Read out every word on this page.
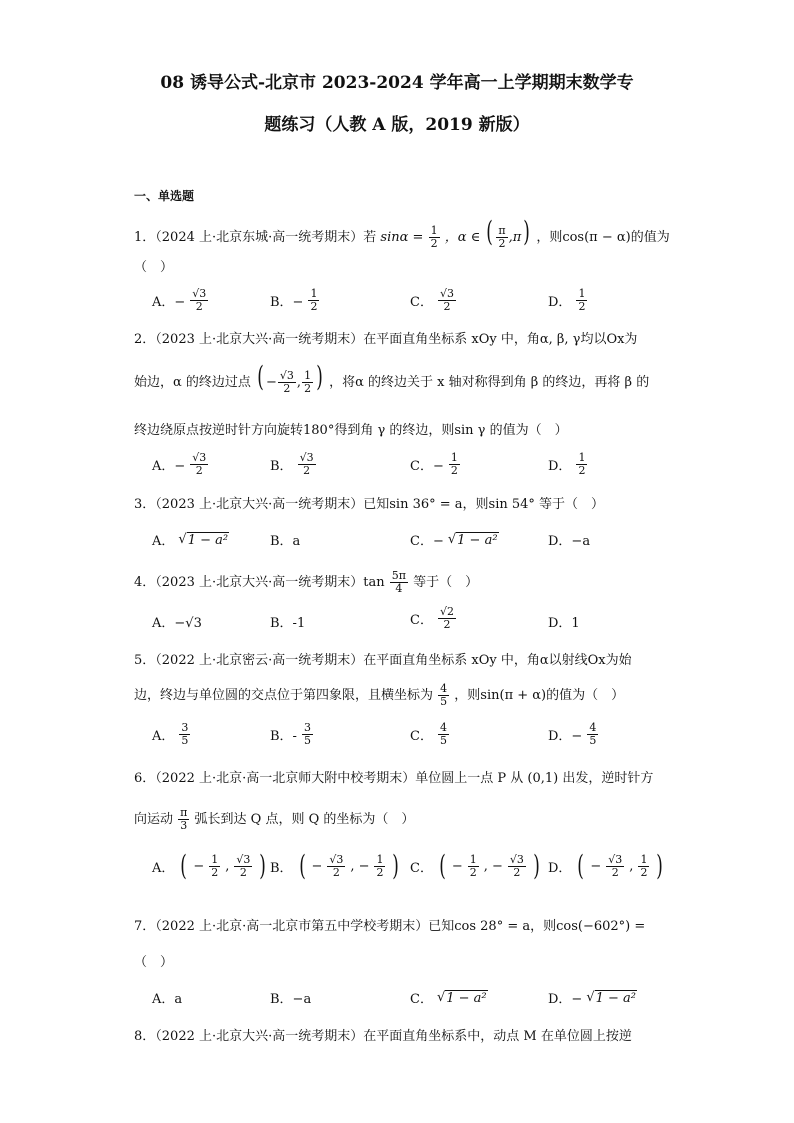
08 诱导公式-北京市 2023-2024 学年高一上学期期末数学专
题练习（人教 A 版，2019 新版）
一、单选题
1．（2024 上·北京东城·高一统考期末）若 $\sin\alpha = \frac{1}{2}$ ，α ∈ ( $\frac{\pi}{2} ,\pi$) ，则cos(π − α)的值为
（　）
A．− $\frac{√3}{2}$	B．− $\frac{1}{2}$	C． $\frac{√3}{2}$	D． $\frac{1}{2}$
2．（2023 上·北京大兴·高一统考期末）在平面直角坐标系 xOy 中，角α, β, γ均以Ox为
始边，α 的终边过点 ( − $\frac{√3}{2}$ , $\frac{1}{2}$ ) ，将α 的终边关于 x 轴对称得到角 β 的终边，再将 β 的
终边绕原点按逆时针方向旋转180°得到角 γ 的终边，则sin γ 的值为（　）
A．− $\frac{√3}{2}$	B． $\frac{√3}{2}$	C．− $\frac{1}{2}$	D． $\frac{1}{2}$
3．（2023 上·北京大兴·高一统考期末）已知sin 36° = a，则sin 54° 等于（　）
A． √ 1 − a²	B．a	C．− √ 1 − a²	D．−a
4．（2023 上·北京大兴·高一统考期末）$\tan \frac{5\pi}{4}$ 等于（　）
A．−√3	B．-1	C． $\frac{√2}{2}$	D．1
5．（2022 上·北京密云·高一统考期末）在平面直角坐标系 xOy 中，角α以射线Ox为始
边，终边与单位圆的交点位于第四象限，且横坐标为 $\frac{4}{5}$ ，则sin(π + α)的值为（　）
A． $\frac{3}{5}$	B．- $\frac{3}{5}$	C． $\frac{4}{5}$	D．− $\frac{4}{5}$
6．（2022 上·北京·高一北京师大附中校考期末）单位圆上一点 P 从 (0,1) 出发，逆时针方
向运动 $\frac{\pi}{3}$ 弧长到达 Q 点，则 Q 的坐标为（　）
A． ( − $\frac{1}{2}$ , $\frac{√3}{2}$ ) B． ( − $\frac{√3}{2}$ , − $\frac{1}{2}$ ) C． ( − $\frac{1}{2}$ , − $\frac{√3}{2}$ ) D． ( − $\frac{√3}{2}$ , $\frac{1}{2}$ )
7．（2022 上·北京·高一北京市第五中学校考期末）已知cos 28° = a，则cos(−602°) =
（　）
A．a	B．−a	C． √ 1 − a²	D．− √ 1 − a²
8．（2022 上·北京大兴·高一统考期末）在平面直角坐标系中，动点 M 在单位圆上按逆
